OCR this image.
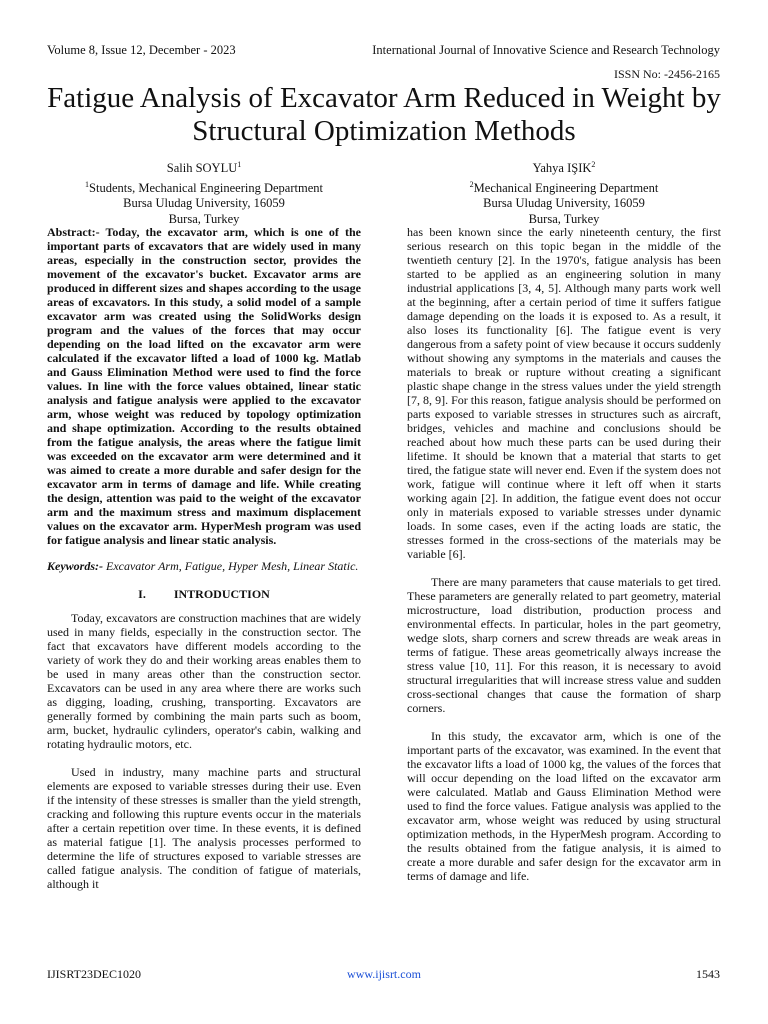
Volume 8, Issue 12, December - 2023	International Journal of Innovative Science and Research Technology
ISSN No: -2456-2165
Fatigue Analysis of Excavator Arm Reduced in Weight by Structural Optimization Methods
Salih SOYLU$^1$
$^1$Students, Mechanical Engineering Department
Bursa Uludag University, 16059
Bursa, Turkey
Yahya IŞIK$^2$
$^2$Mechanical Engineering Department
Bursa Uludag University, 16059
Bursa, Turkey

Abstract:- Today, the excavator arm, which is one of the important parts of excavators that are widely used in many areas, especially in the construction sector, provides the movement of the excavator's bucket. Excavator arms are produced in different sizes and shapes according to the usage areas of excavators. In this study, a solid model of a sample excavator arm was created using the SolidWorks design program and the values of the forces that may occur depending on the load lifted on the excavator arm were calculated if the excavator lifted a load of 1000 kg. Matlab and Gauss Elimination Method were used to find the force values. In line with the force values obtained, linear static analysis and fatigue analysis were applied to the excavator arm, whose weight was reduced by topology optimization and shape optimization. According to the results obtained from the fatigue analysis, the areas where the fatigue limit was exceeded on the excavator arm were determined and it was aimed to create a more durable and safer design for the excavator arm in terms of damage and life. While creating the design, attention was paid to the weight of the excavator arm and the maximum stress and maximum displacement values on the excavator arm. HyperMesh program was used for fatigue analysis and linear static analysis.

Keywords:- Excavator Arm, Fatigue, Hyper Mesh, Linear Static.

I. INTRODUCTION

Today, excavators are construction machines that are widely used in many fields, especially in the construction sector. The fact that excavators have different models according to the variety of work they do and their working areas enables them to be used in many areas other than the construction sector. Excavators can be used in any area where there are works such as digging, loading, crushing, transporting. Excavators are generally formed by combining the main parts such as boom, arm, bucket, hydraulic cylinders, operator's cabin, walking and rotating hydraulic motors, etc.

Used in industry, many machine parts and structural elements are exposed to variable stresses during their use. Even if the intensity of these stresses is smaller than the yield strength, cracking and following this rupture events occur in the materials after a certain repetition over time. In these events, it is defined as material fatigue [1]. The analysis processes performed to determine the life of structures exposed to variable stresses are called fatigue analysis. The condition of fatigue of materials, although it

has been known since the early nineteenth century, the first serious research on this topic began in the middle of the twentieth century [2]. In the 1970's, fatigue analysis has been started to be applied as an engineering solution in many industrial applications [3, 4, 5]. Although many parts work well at the beginning, after a certain period of time it suffers fatigue damage depending on the loads it is exposed to. As a result, it also loses its functionality [6]. The fatigue event is very dangerous from a safety point of view because it occurs suddenly without showing any symptoms in the materials and causes the materials to break or rupture without creating a significant plastic shape change in the stress values under the yield strength [7, 8, 9]. For this reason, fatigue analysis should be performed on parts exposed to variable stresses in structures such as aircraft, bridges, vehicles and machine and conclusions should be reached about how much these parts can be used during their lifetime. It should be known that a material that starts to get tired, the fatigue state will never end. Even if the system does not work, fatigue will continue where it left off when it starts working again [2]. In addition, the fatigue event does not occur only in materials exposed to variable stresses under dynamic loads. In some cases, even if the acting loads are static, the stresses formed in the cross-sections of the materials may be variable [6].

There are many parameters that cause materials to get tired. These parameters are generally related to part geometry, material microstructure, load distribution, production process and environmental effects. In particular, holes in the part geometry, wedge slots, sharp corners and screw threads are weak areas in terms of fatigue. These areas geometrically always increase the stress value [10, 11]. For this reason, it is necessary to avoid structural irregularities that will increase stress value and sudden cross-sectional changes that cause the formation of sharp corners.

In this study, the excavator arm, which is one of the important parts of the excavator, was examined. In the event that the excavator lifts a load of 1000 kg, the values of the forces that will occur depending on the load lifted on the excavator arm were calculated. Matlab and Gauss Elimination Method were used to find the force values. Fatigue analysis was applied to the excavator arm, whose weight was reduced by using structural optimization methods, in the HyperMesh program. According to the results obtained from the fatigue analysis, it is aimed to create a more durable and safer design for the excavator arm in terms of damage and life.

IJISRT23DEC1020	www.ijisrt.com	1543
